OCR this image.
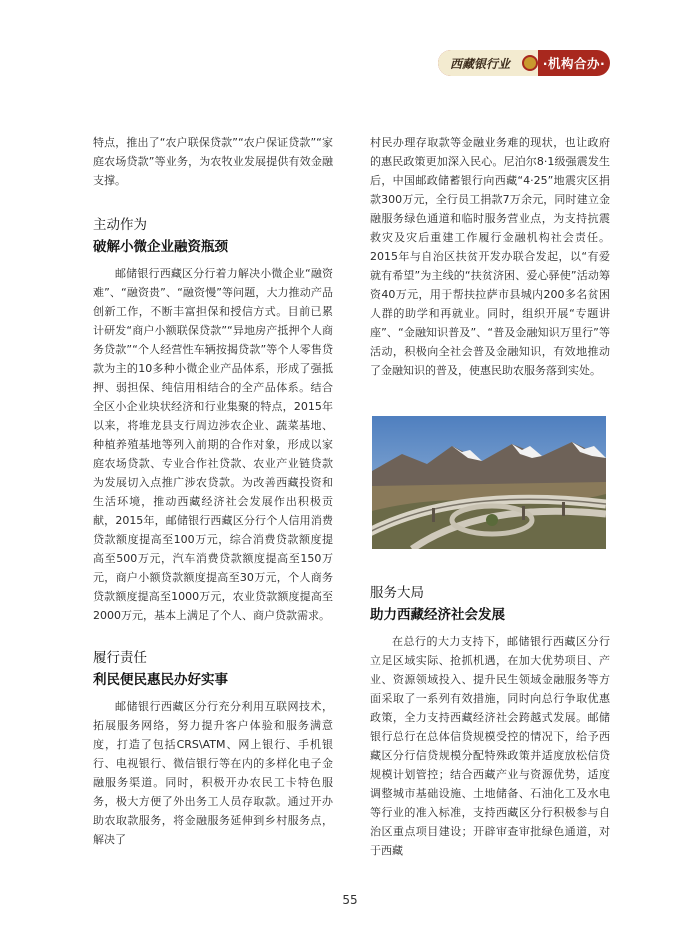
西藏银行业	·机构合办·

特点，推出了“农户联保贷款”“农户保证贷款”“家庭农场贷款”等业务，为农牧业发展提供有效金融支撑。

主动作为
破解小微企业融资瓶颈

邮储银行西藏区分行着力解决小微企业“融资难”、“融资贵”、“融资慢”等问题，大力推动产品创新工作，不断丰富担保和授信方式。目前已累计研发“商户小额联保贷款”“异地房产抵押个人商务贷款”“个人经营性车辆按揭贷款”等个人零售贷款为主的10多种小微企业产品体系，形成了强抵押、弱担保、纯信用相结合的全产品体系。结合全区小企业块状经济和行业集聚的特点，2015年以来，将堆龙县支行周边涉农企业、蔬菜基地、种植养殖基地等列入前期的合作对象，形成以家庭农场贷款、专业合作社贷款、农业产业链贷款为发展切入点推广涉农贷款。为改善西藏投资和生活环境，推动西藏经济社会发展作出积极贡献，2015年，邮储银行西藏区分行个人信用消费贷款额度提高至100万元，综合消费贷款额度提高至500万元，汽车消费贷款额度提高至150万元，商户小额贷款额度提高至30万元，个人商务贷款额度提高至1000万元，农业贷款额度提高至2000万元，基本上满足了个人、商户贷款需求。

履行责任
利民便民惠民办好实事

邮储银行西藏区分行充分利用互联网技术，拓展服务网络，努力提升客户体验和服务满意度，打造了包括CRS\ATM、网上银行、手机银行、电视银行、微信银行等在内的多样化电子金融服务渠道。同时，积极开办农民工卡特色服务，极大方便了外出务工人员存取款。通过开办助农取款服务，将金融服务延伸到乡村服务点，解决了

村民办理存取款等金融业务难的现状，也让政府的惠民政策更加深入民心。尼泊尔8·1级强震发生后，中国邮政储蓄银行向西藏“4·25”地震灾区捐款300万元，全行员工捐款7万余元，同时建立金融服务绿色通道和临时服务营业点，为支持抗震救灾及灾后重建工作履行金融机构社会责任。2015年与自治区扶贫开发办联合发起，以“有爱就有希望”为主线的“扶贫济困、爱心驿使”活动筹资40万元，用于帮扶拉萨市县城内200多名贫困人群的助学和再就业。同时，组织开展“专题讲座”、“金融知识普及”、“普及金融知识万里行”等活动，积极向全社会普及金融知识，有效地推动了金融知识的普及，使惠民助农服务落到实处。

服务大局
助力西藏经济社会发展

在总行的大力支持下，邮储银行西藏区分行立足区域实际、抢抓机遇，在加大优势项目、产业、资源领域投入、提升民生领域金融服务等方面采取了一系列有效措施，同时向总行争取优惠政策，全力支持西藏经济社会跨越式发展。邮储银行总行在总体信贷规模受控的情况下，给予西藏区分行信贷规模分配特殊政策并适度放松信贷规模计划管控；结合西藏产业与资源优势，适度调整城市基础设施、土地储备、石油化工及水电等行业的准入标准，支持西藏区分行积极参与自治区重点项目建设；开辟审查审批绿色通道，对于西藏

55
